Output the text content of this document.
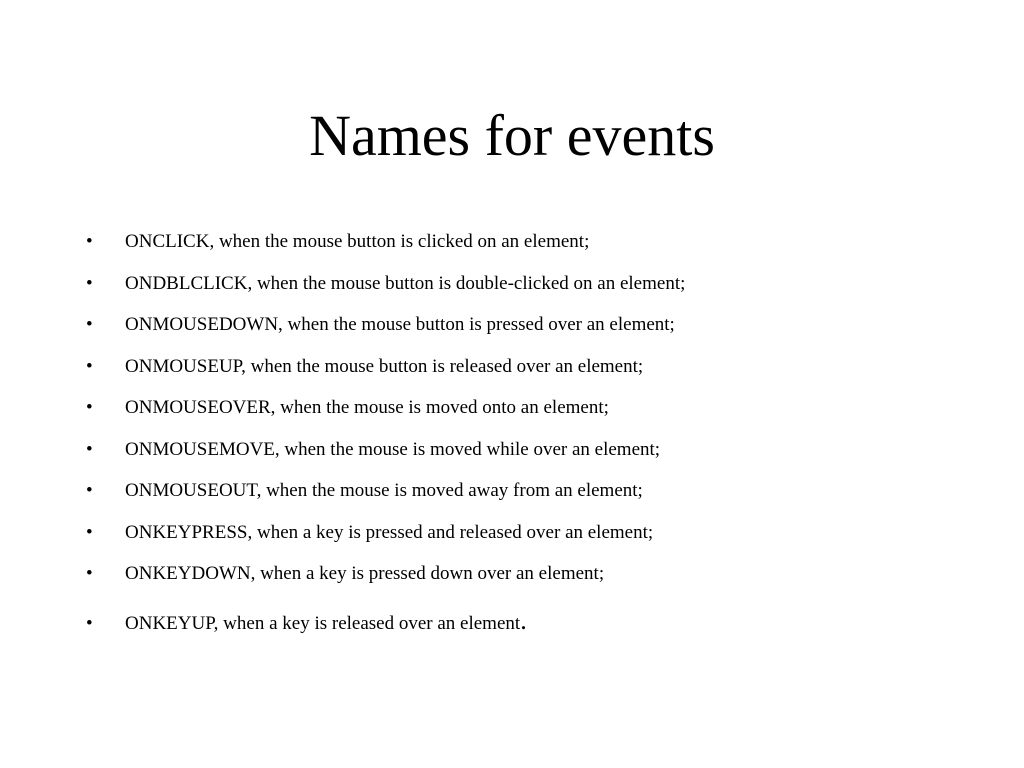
Names for events
•	ONCLICK, when the mouse button is clicked on an element;
•	ONDBLCLICK, when the mouse button is double-clicked on an element;
•	ONMOUSEDOWN, when the mouse button is pressed over an element;
•	ONMOUSEUP, when the mouse button is released over an element;
•	ONMOUSEOVER, when the mouse is moved onto an element;
•	ONMOUSEMOVE, when the mouse is moved while over an element;
•	ONMOUSEOUT, when the mouse is moved away from an element;
•	ONKEYPRESS, when a key is pressed and released over an element;
•	ONKEYDOWN, when a key is pressed down over an element;
•	ONKEYUP, when a key is released over an element.
